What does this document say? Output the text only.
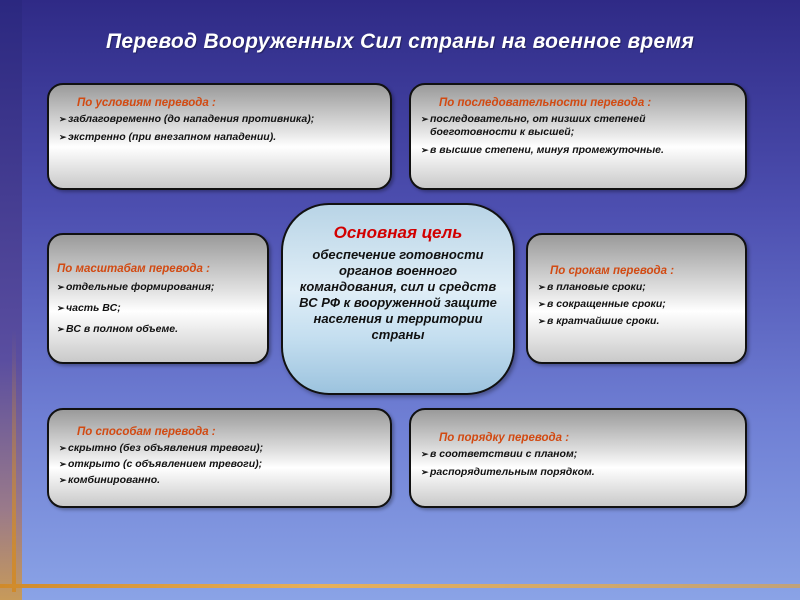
Перевод Вооруженных Сил страны на военное время
По условиям перевода :
➢ заблаговременно (до нападения противника);
➢ экстренно (при внезапном нападении).
По последовательности перевода :
➢ последовательно, от низших степеней боеготовности к высшей;
➢ в высшие степени, минуя промежуточные.
По масштабам перевода :
➢ отдельные формирования;
➢ часть ВС;
➢ ВС в полном объеме.
По срокам перевода :
➢ в плановые сроки;
➢ в сокращенные сроки;
➢ в кратчайшие сроки.
По способам перевода :
➢ скрытно (без объявления тревоги);
➢ открыто (с объявлением тревоги);
➢ комбинированно.
По порядку перевода :
➢ в соответствии с планом;
➢ распорядительным порядком.
Основная цель
обеспечение готовности органов военного командования, сил и средств ВС РФ к вооруженной защите населения и территории страны
